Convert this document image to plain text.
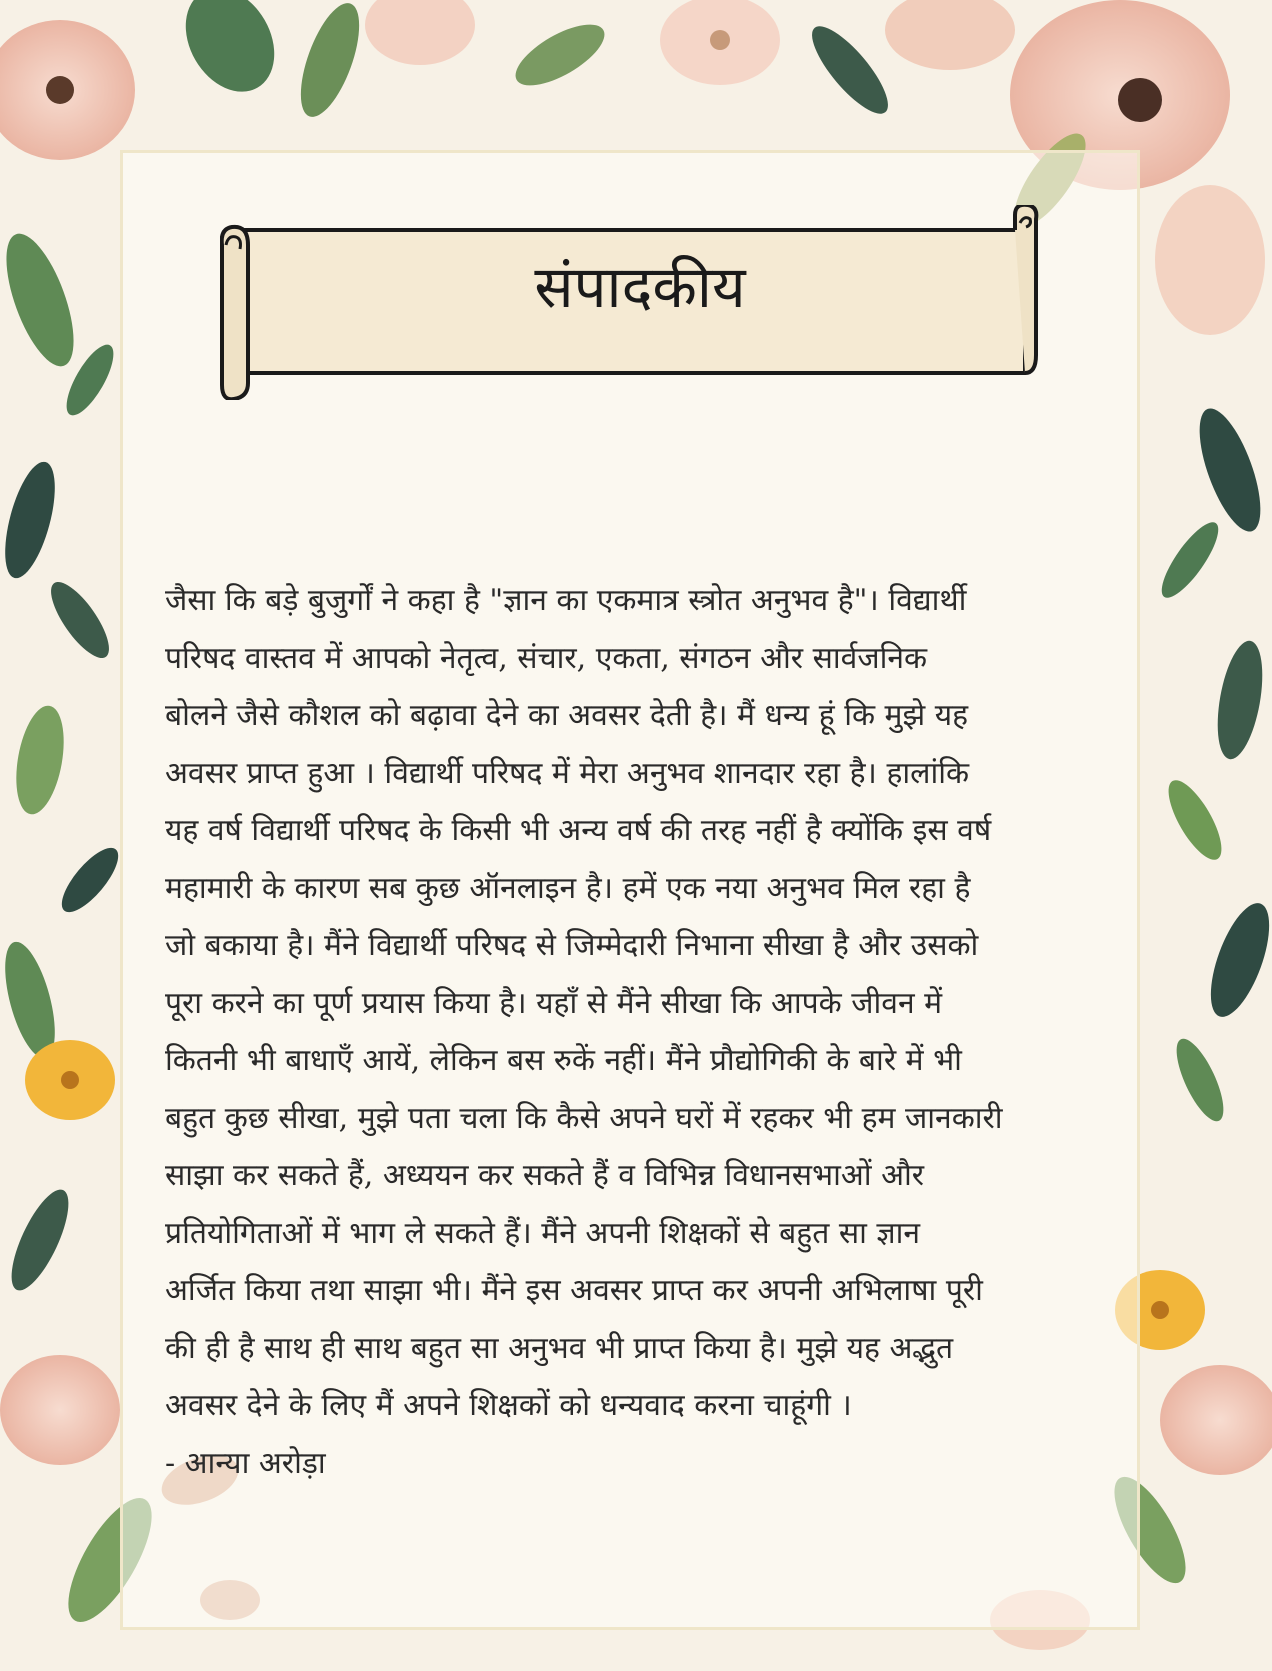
संपादकीय
जैसा कि बड़े बुजुर्गों ने कहा है "ज्ञान का एकमात्र स्त्रोत अनुभव है"। विद्यार्थी
परिषद वास्तव में आपको नेतृत्व, संचार, एकता, संगठन और सार्वजनिक
बोलने जैसे कौशल को बढ़ावा देने का अवसर देती है। मैं धन्य हूं कि मुझे यह
अवसर प्राप्त हुआ । विद्यार्थी परिषद में मेरा अनुभव शानदार रहा है। हालांकि
यह वर्ष विद्यार्थी परिषद के किसी भी अन्य वर्ष की तरह नहीं है क्योंकि इस वर्ष
महामारी के कारण सब कुछ ऑनलाइन है। हमें एक नया अनुभव मिल रहा है
जो बकाया है। मैंने विद्यार्थी परिषद से जिम्मेदारी निभाना सीखा है और उसको
पूरा करने का पूर्ण प्रयास किया है। यहाँ से मैंने सीखा कि आपके जीवन में
कितनी भी बाधाएँ आयें, लेकिन बस रुकें नहीं। मैंने प्रौद्योगिकी के बारे में भी
बहुत कुछ सीखा, मुझे पता चला कि कैसे अपने घरों में रहकर भी हम जानकारी
साझा कर सकते हैं, अध्ययन कर सकते हैं व विभिन्न विधानसभाओं और
प्रतियोगिताओं में भाग ले सकते हैं। मैंने अपनी शिक्षकों से बहुत सा ज्ञान
अर्जित किया तथा साझा भी। मैंने इस अवसर प्राप्त कर अपनी अभिलाषा पूरी
की ही है साथ ही साथ बहुत सा अनुभव भी प्राप्त किया है। मुझे यह अद्भुत
अवसर देने के लिए मैं अपने शिक्षकों को धन्यवाद करना चाहूंगी ।
- आन्या अरोड़ा
